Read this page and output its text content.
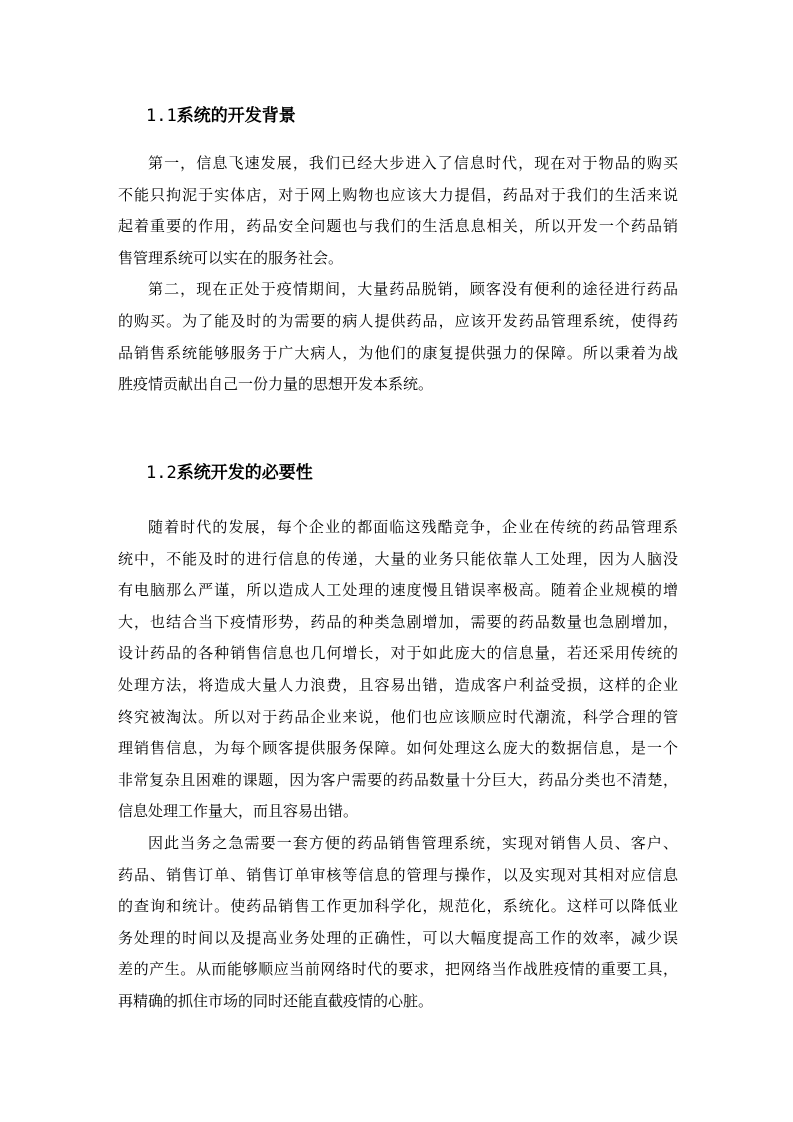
1.1系统的开发背景
第一，信息飞速发展，我们已经大步进入了信息时代，现在对于物品的购买
不能只拘泥于实体店，对于网上购物也应该大力提倡，药品对于我们的生活来说
起着重要的作用，药品安全问题也与我们的生活息息相关，所以开发一个药品销
售管理系统可以实在的服务社会。
第二，现在正处于疫情期间，大量药品脱销，顾客没有便利的途径进行药品
的购买。为了能及时的为需要的病人提供药品，应该开发药品管理系统，使得药
品销售系统能够服务于广大病人，为他们的康复提供强力的保障。所以秉着为战
胜疫情贡献出自己一份力量的思想开发本系统。
1.2系统开发的必要性
随着时代的发展，每个企业的都面临这残酷竞争，企业在传统的药品管理系
统中，不能及时的进行信息的传递，大量的业务只能依靠人工处理，因为人脑没
有电脑那么严谨，所以造成人工处理的速度慢且错误率极高。随着企业规模的增
大，也结合当下疫情形势，药品的种类急剧增加，需要的药品数量也急剧增加，
设计药品的各种销售信息也几何增长，对于如此庞大的信息量，若还采用传统的
处理方法，将造成大量人力浪费，且容易出错，造成客户利益受损，这样的企业
终究被淘汰。所以对于药品企业来说，他们也应该顺应时代潮流，科学合理的管
理销售信息，为每个顾客提供服务保障。如何处理这么庞大的数据信息，是一个
非常复杂且困难的课题，因为客户需要的药品数量十分巨大，药品分类也不清楚，
信息处理工作量大，而且容易出错。
因此当务之急需要一套方便的药品销售管理系统，实现对销售人员、客户、
药品、销售订单、销售订单审核等信息的管理与操作，以及实现对其相对应信息
的查询和统计。使药品销售工作更加科学化，规范化，系统化。这样可以降低业
务处理的时间以及提高业务处理的正确性，可以大幅度提高工作的效率，减少误
差的产生。从而能够顺应当前网络时代的要求，把网络当作战胜疫情的重要工具，
再精确的抓住市场的同时还能直截疫情的心脏。
